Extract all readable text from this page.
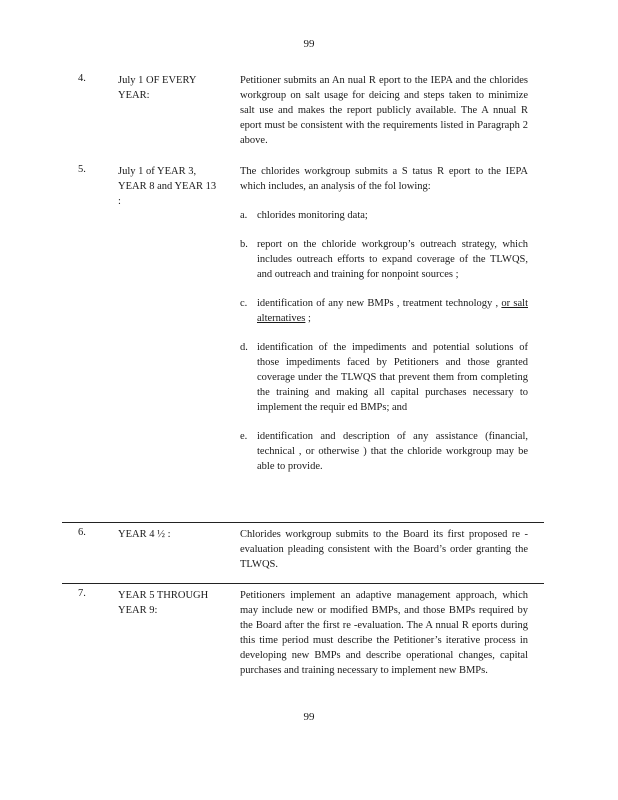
99
4.	July 1 OF EVERY YEAR:
Petitioner submits an An nual R eport to the IEPA and the chlorides workgroup on salt usage for deicing and steps taken to minimize salt use and makes the report publicly available. The A nnual R eport must be consistent with the requirements listed in Paragraph 2 above.
5.	July 1 of YEAR 3, YEAR 8 and YEAR 13 :
The chlorides workgroup submits a S tatus R eport to the IEPA which includes, an analysis of the fol lowing:
a. chlorides monitoring data;
b. report on the chloride workgroup’s outreach strategy, which includes outreach efforts to expand coverage of the TLWQS, and outreach and training for nonpoint sources ;
c. identification of any new BMPs , treatment technology , or salt alternatives ;
d. identification of the impediments and potential solutions of those impediments faced by Petitioners and those granted coverage under the TLWQS that prevent them from completing the training and making all capital purchases necessary to implement the requir ed BMPs; and
e. identification and description of any assistance (financial, technical , or otherwise ) that the chloride workgroup may be able to provide.
6.	YEAR 4 ½ :	Chlorides workgroup submits to the Board its first proposed re -evaluation pleading consistent with the Board’s order granting the TLWQS.
7.	YEAR 5 THROUGH YEAR 9:
Petitioners implement an adaptive management approach, which may include new or modified BMPs, and those BMPs required by the Board after the first re -evaluation. The A nnual R eports during this time period must describe the Petitioner’s iterative process in developing new BMPs and describe operational changes, capital purchases and training necessary to implement new BMPs.
99
